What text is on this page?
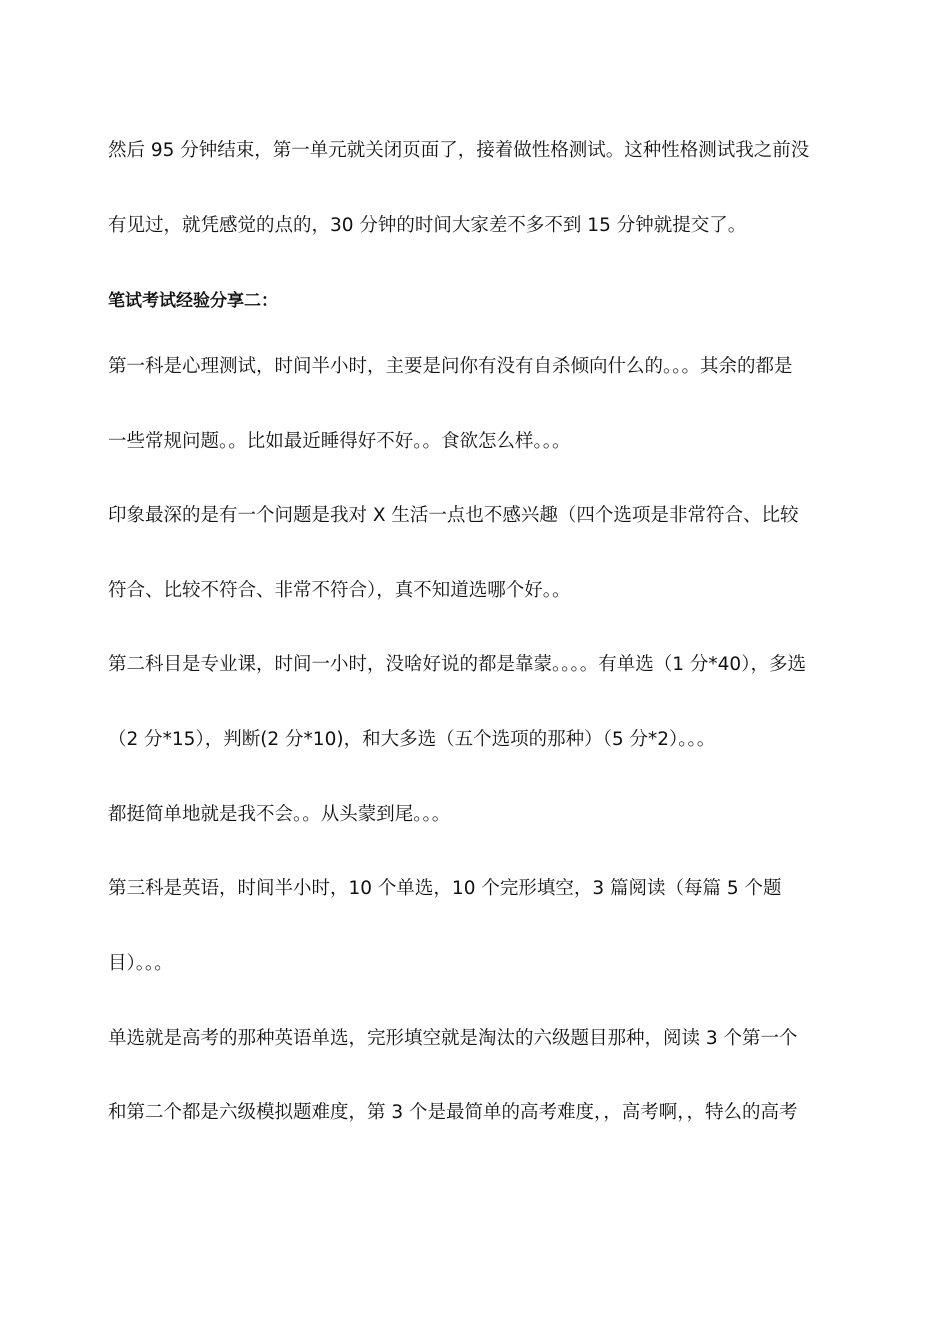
然后 95 分钟结束，第一单元就关闭页面了，接着做性格测试。这种性格测试我之前没
有见过，就凭感觉的点的，30 分钟的时间大家差不多不到 15 分钟就提交了。
笔试考试经验分享二：
第一科是心理测试，时间半小时，主要是问你有没有自杀倾向什么的。。。其余的都是
一些常规问题。。比如最近睡得好不好。。食欲怎么样。。。
印象最深的是有一个问题是我对 X 生活一点也不感兴趣（四个选项是非常符合、比较
符合、比较不符合、非常不符合），真不知道选哪个好。。
第二科目是专业课，时间一小时，没啥好说的都是靠蒙。。。。有单选（1 分*40），多选
（2 分*15），判断(2 分*10)，和大多选（五个选项的那种）（5 分*2）。。。
都挺简单地就是我不会。。从头蒙到尾。。。
第三科是英语，时间半小时，10 个单选，10 个完形填空，3 篇阅读（每篇 5 个题
目）。。。
单选就是高考的那种英语单选，完形填空就是淘汰的六级题目那种，阅读 3 个第一个
和第二个都是六级模拟题难度，第 3 个是最简单的高考难度，，高考啊，，特么的高考
